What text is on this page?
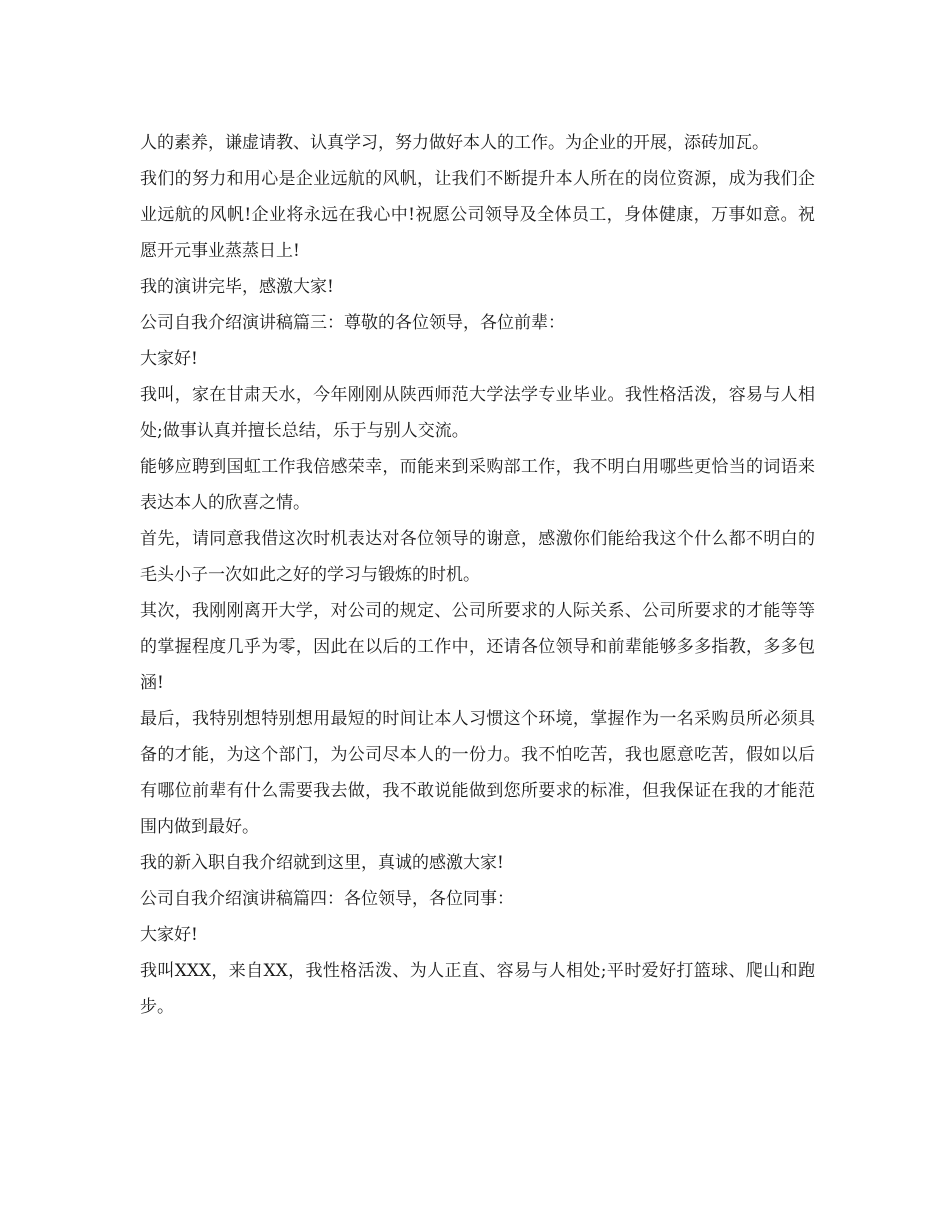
人的素养，谦虚请教、认真学习，努力做好本人的工作。为企业的开展，添砖加瓦。

我们的努力和用心是企业远航的风帆，让我们不断提升本人所在的岗位资源，成为我们企业远航的风帆!企业将永远在我心中!祝愿公司领导及全体员工，身体健康，万事如意。祝愿开元事业蒸蒸日上!

我的演讲完毕，感激大家!

公司自我介绍演讲稿篇三：尊敬的各位领导，各位前辈：

大家好!

我叫，家在甘肃天水，今年刚刚从陕西师范大学法学专业毕业。我性格活泼，容易与人相处;做事认真并擅长总结，乐于与别人交流。

能够应聘到国虹工作我倍感荣幸，而能来到采购部工作，我不明白用哪些更恰当的词语来表达本人的欣喜之情。

首先，请同意我借这次时机表达对各位领导的谢意，感激你们能给我这个什么都不明白的毛头小子一次如此之好的学习与锻炼的时机。

其次，我刚刚离开大学，对公司的规定、公司所要求的人际关系、公司所要求的才能等等的掌握程度几乎为零，因此在以后的工作中，还请各位领导和前辈能够多多指教，多多包涵!

最后，我特别想特别想用最短的时间让本人习惯这个环境，掌握作为一名采购员所必须具备的才能，为这个部门，为公司尽本人的一份力。我不怕吃苦，我也愿意吃苦，假如以后有哪位前辈有什么需要我去做，我不敢说能做到您所要求的标准，但我保证在我的才能范围内做到最好。

我的新入职自我介绍就到这里，真诚的感激大家!

公司自我介绍演讲稿篇四：各位领导，各位同事：

大家好!

我叫XXX，来自XX，我性格活泼、为人正直、容易与人相处;平时爱好打篮球、爬山和跑步。
